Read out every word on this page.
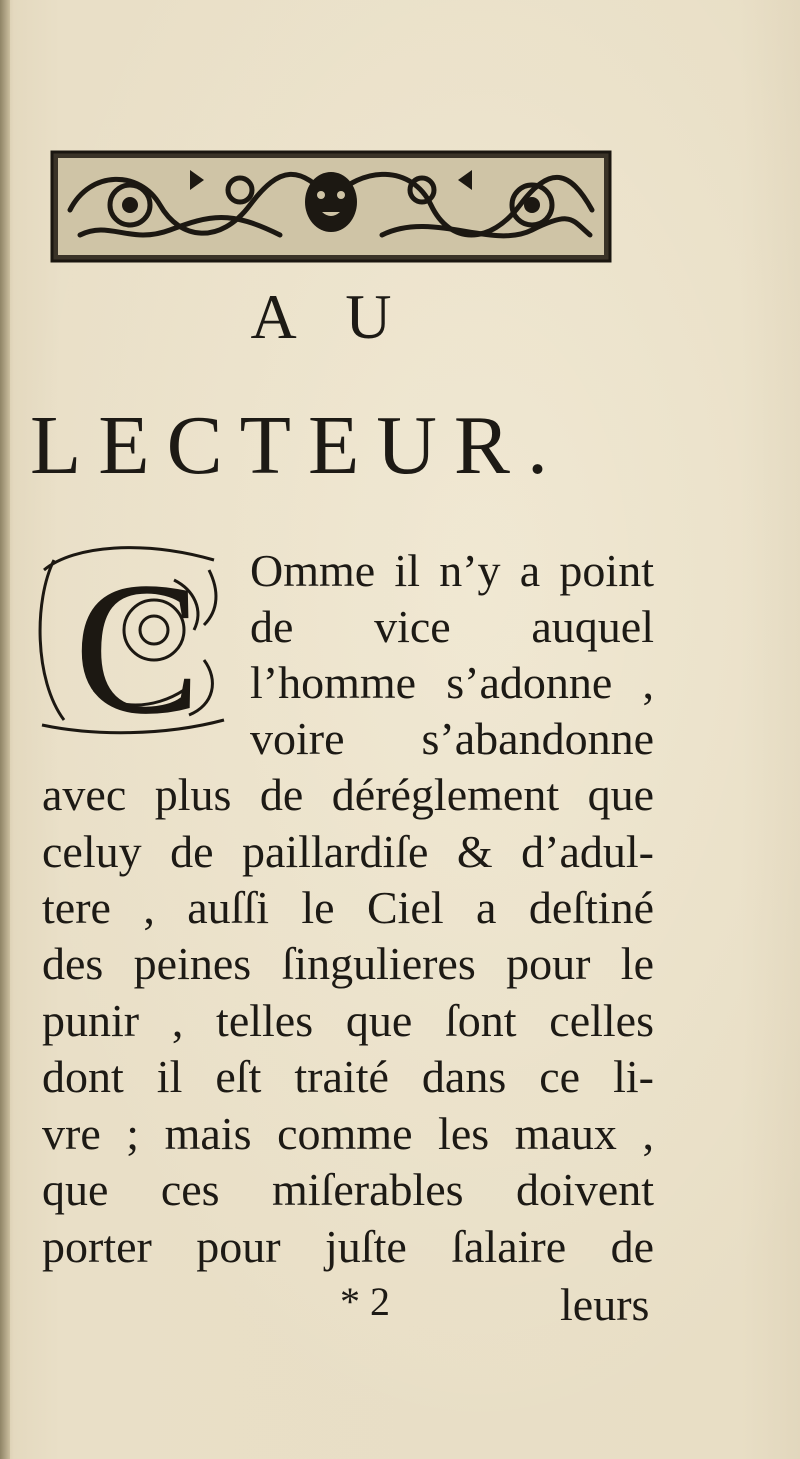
A U
LECTEUR.
C Omme il n’y a point
de vice auquel
l’homme s’adonne ,
voire s’abandonne
avec plus de déréglement que
celuy de paillardiſe & d’adul-
tere , auſſi le Ciel a deſtiné
des peines ſingulieres pour le
punir , telles que ſont celles
dont il eſt traité dans ce li-
vre ; mais comme les maux ,
que ces miſerables doivent
porter pour juſte ſalaire de
* 2	leurs
